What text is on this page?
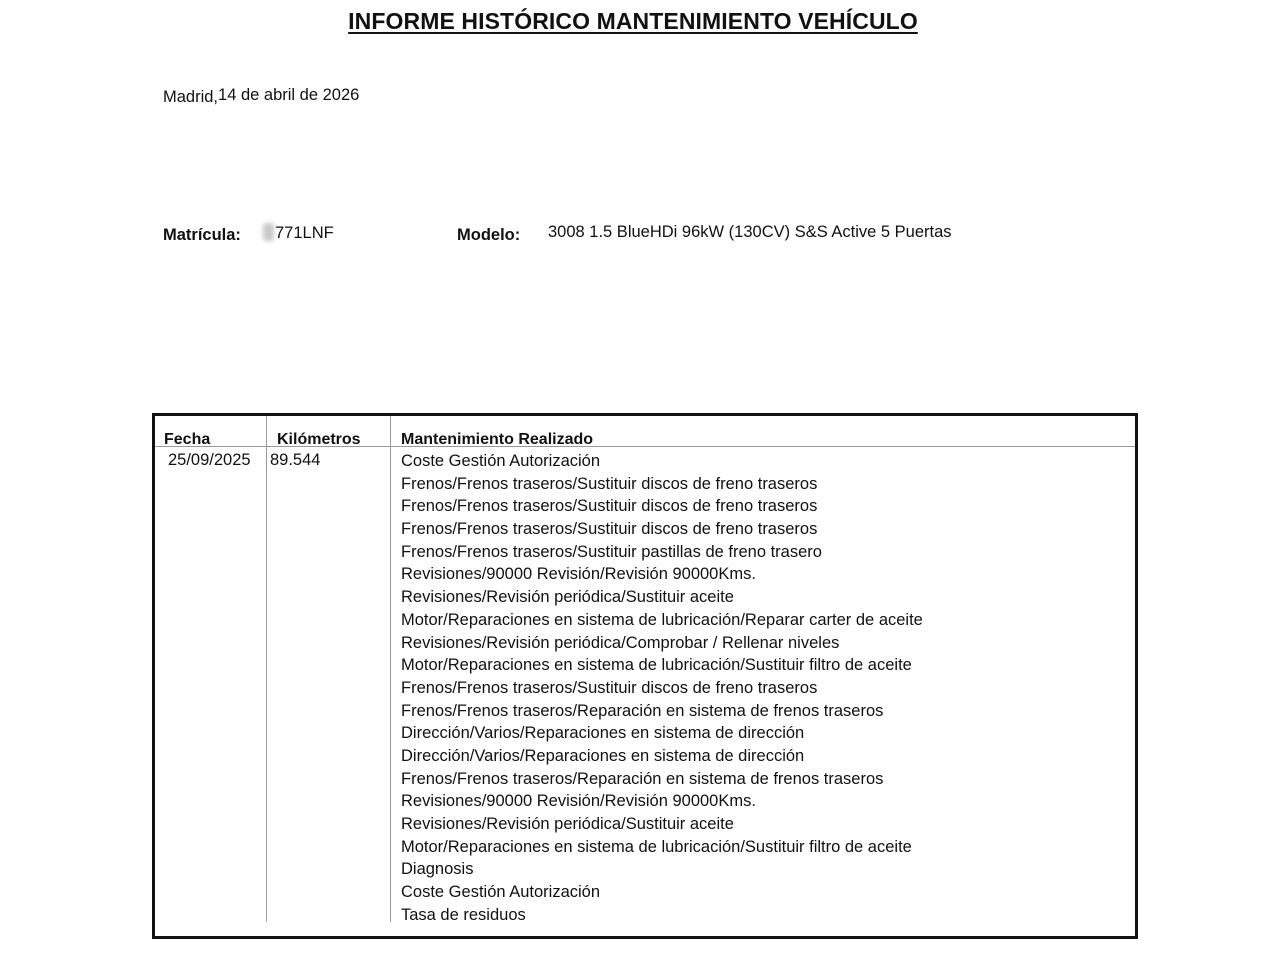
INFORME HISTÓRICO MANTENIMIENTO VEHÍCULO
Madrid,14 de abril de 2026
Matrícula:	771LNF	Modelo: 3008 1.5 BlueHDi 96kW (130CV) S&S Active 5 Puertas
Fecha	Kilómetros	Mantenimiento Realizado
25/09/2025 89.544	Coste Gestión Autorización
Frenos/Frenos traseros/Sustituir discos de freno traseros
Frenos/Frenos traseros/Sustituir discos de freno traseros
Frenos/Frenos traseros/Sustituir discos de freno traseros
Frenos/Frenos traseros/Sustituir pastillas de freno trasero
Revisiones/90000 Revisión/Revisión 90000Kms.
Revisiones/Revisión periódica/Sustituir aceite
Motor/Reparaciones en sistema de lubricación/Reparar carter de aceite
Revisiones/Revisión periódica/Comprobar / Rellenar niveles
Motor/Reparaciones en sistema de lubricación/Sustituir filtro de aceite
Frenos/Frenos traseros/Sustituir discos de freno traseros
Frenos/Frenos traseros/Reparación en sistema de frenos traseros
Dirección/Varios/Reparaciones en sistema de dirección
Dirección/Varios/Reparaciones en sistema de dirección
Frenos/Frenos traseros/Reparación en sistema de frenos traseros
Revisiones/90000 Revisión/Revisión 90000Kms.
Revisiones/Revisión periódica/Sustituir aceite
Motor/Reparaciones en sistema de lubricación/Sustituir filtro de aceite
Diagnosis
Coste Gestión Autorización
Tasa de residuos
